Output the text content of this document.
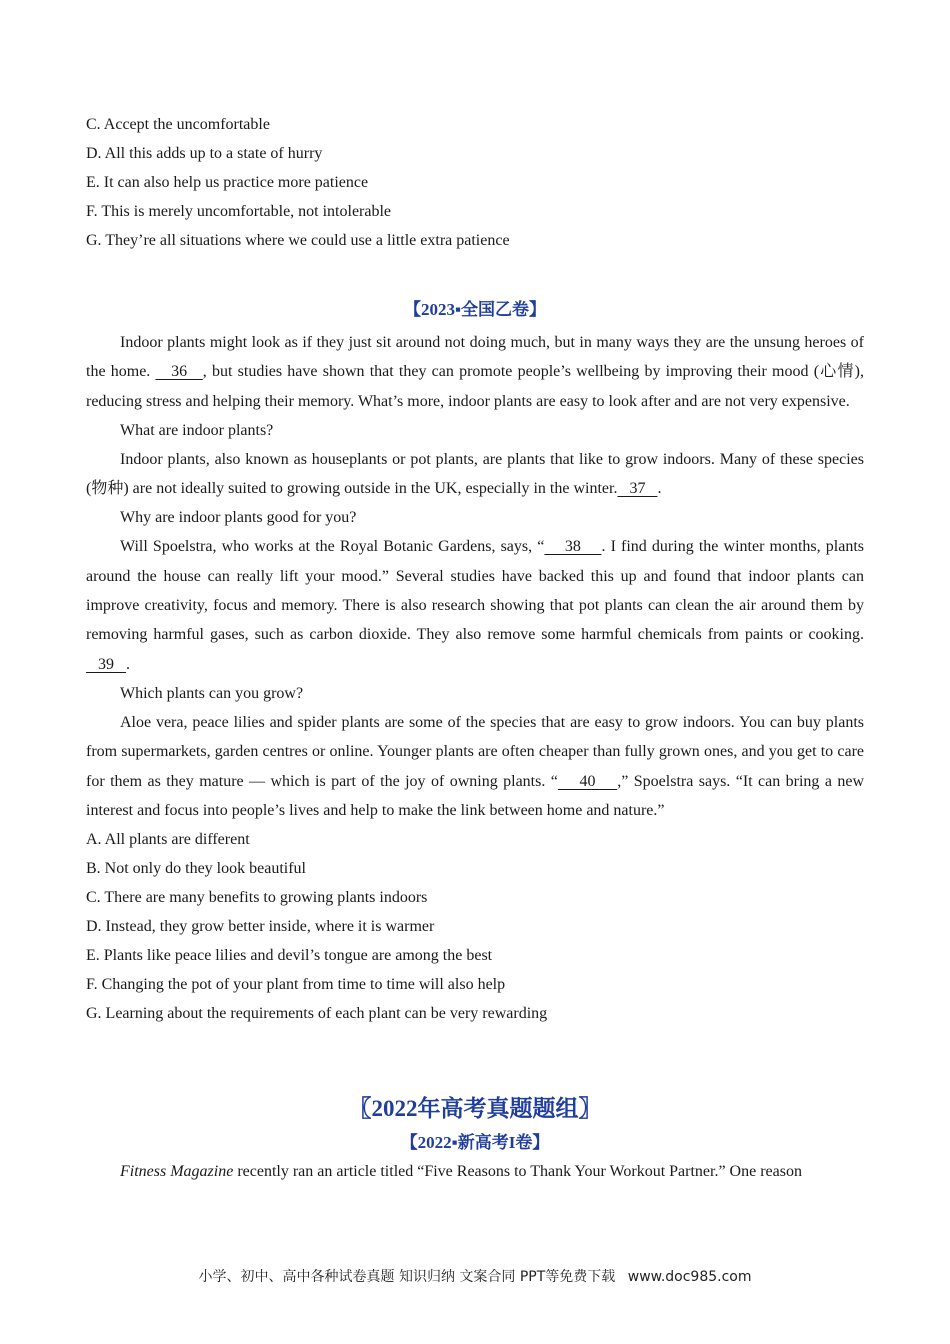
C. Accept the uncomfortable

D. All this adds up to a state of hurry

E. It can also help us practice more patience

F. This is merely uncomfortable, not intolerable

G. They’re all situations where we could use a little extra patience

【2023▪全国乙卷】

Indoor plants might look as if they just sit around not doing much, but in many ways they are the unsung heroes of the home.    36   , but studies have shown that they can promote people’s wellbeing by improving their mood (心情), reducing stress and helping their memory. What’s more, indoor plants are easy to look after and are not very expensive.

What are indoor plants?

Indoor plants, also known as houseplants or pot plants, are plants that like to grow indoors. Many of these species (物种) are not ideally suited to growing outside in the UK, especially in the winter.   37   .

Why are indoor plants good for you?

Will Spoelstra, who works at the Royal Botanic Gardens, says, “    38    . I find during the winter months, plants around the house can really lift your mood.” Several studies have backed this up and found that indoor plants can improve creativity, focus and memory. There is also research showing that pot plants can clean the air around them by removing harmful gases, such as carbon dioxide. They also remove some harmful chemicals from paints or cooking.   39   .

Which plants can you grow?

Aloe vera, peace lilies and spider plants are some of the species that are easy to grow indoors. You can buy plants from supermarkets, garden centres or online. Younger plants are often cheaper than fully grown ones, and you get to care for them as they mature — which is part of the joy of owning plants. “    40    ,” Spoelstra says. “It can bring a new interest and focus into people’s lives and help to make the link between home and nature.”

A. All plants are different

B. Not only do they look beautiful

C. There are many benefits to growing plants indoors

D. Instead, they grow better inside, where it is warmer

E. Plants like peace lilies and devil’s tongue are among the best

F. Changing the pot of your plant from time to time will also help

G. Learning about the requirements of each plant can be very rewarding

〖2022年高考真题题组〗

【2022▪新高考I卷】

Fitness Magazine recently ran an article titled “Five Reasons to Thank Your Workout Partner.” One reason

小学、初中、高中各种试卷真题 知识归纳 文案合同 PPT等免费下载 www.doc985.com
